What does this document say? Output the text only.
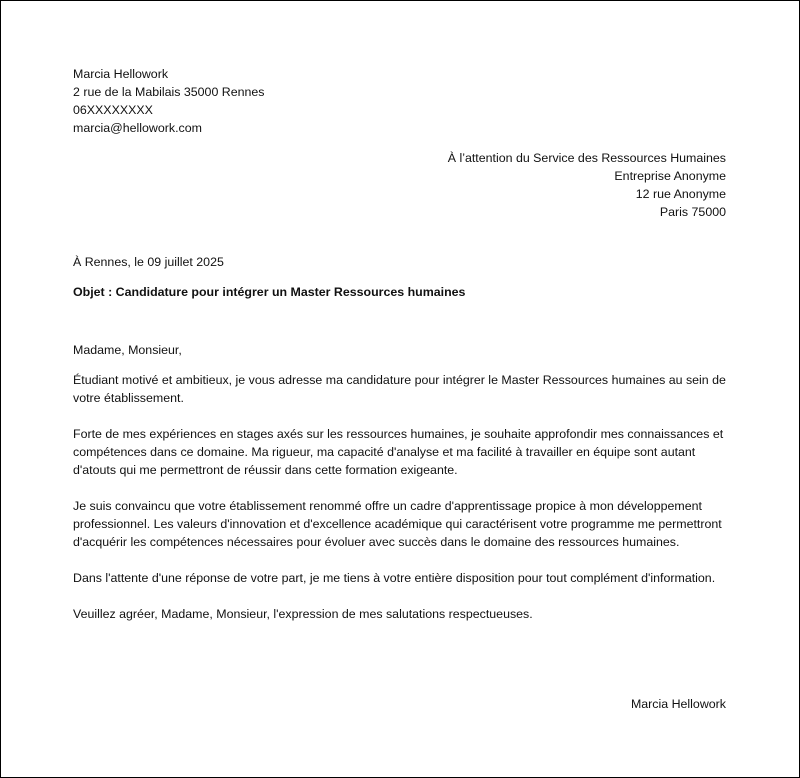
Marcia Hellowork
2 rue de la Mabilais 35000 Rennes
06XXXXXXXX
marcia@hellowork.com
À l’attention du Service des Ressources Humaines
Entreprise Anonyme
12 rue Anonyme
Paris 75000
À Rennes, le 09 juillet 2025
Objet : Candidature pour intégrer un Master Ressources humaines

Madame, Monsieur,

Étudiant motivé et ambitieux, je vous adresse ma candidature pour intégrer le Master Ressources humaines au sein de votre établissement.

Forte de mes expériences en stages axés sur les ressources humaines, je souhaite approfondir mes connaissances et compétences dans ce domaine. Ma rigueur, ma capacité d'analyse et ma facilité à travailler en équipe sont autant d'atouts qui me permettront de réussir dans cette formation exigeante.

Je suis convaincu que votre établissement renommé offre un cadre d'apprentissage propice à mon développement professionnel. Les valeurs d'innovation et d'excellence académique qui caractérisent votre programme me permettront d'acquérir les compétences nécessaires pour évoluer avec succès dans le domaine des ressources humaines.

Dans l'attente d'une réponse de votre part, je me tiens à votre entière disposition pour tout complément d'information.

Veuillez agréer, Madame, Monsieur, l'expression de mes salutations respectueuses.

Marcia Hellowork
